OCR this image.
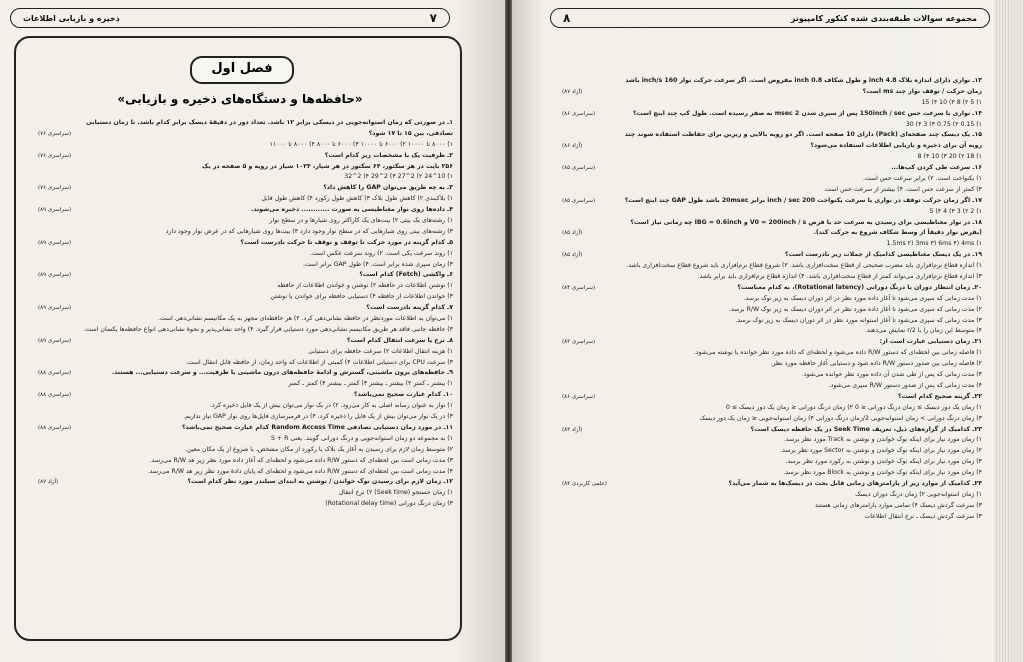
۷
ذخیره و بازیابی اطلاعات
فصل اول
«حافظه‌ها و دستگاه‌های ذخیره و بازیابی»
۱ـ در صورتی که زمان استوانه‌جویی در دیسکی برابر ۱۲ باشد. تعداد دور در دقیقهٔ دیسک برابر کدام باشد. تا زمان دستیابی
تصادفی، بین ۱۵ تا ۱۷ شود؟
(سراسری ۷۶)
۱) ۸۰۰۰ تا ۱۰۰۰۰ ۲) ۶۰۰۰ تا ۱۰۰۰۰ ۳) ۶۰۰۰ تا ۸۰۰۰ ۴) ۸۰۰۰ تا ۱۱۰۰۰
۲ـ ظرفیت یک با مشخصات زیر کدام است؟
(سراسری ۷۶)
۲۵۶ بایت در هر سکتور، ۶۴ سکتور در هر شیار، ۱۰۲۴ شیار در رویه و ۵ صفحه در یک
۱) 10^24 ۲) 2^27 ۳) 2^29 ۴) 2^32
۳ـ به چه طریق می‌توان GAP را کاهش داد؟
(سراسری ۷۶)
۱) بلاکبندی ۲) کاهش طول بلاک ۳) کاهش طول رکورد ۴) کاهش طول فایل
۴ـ داده‌ها روی نوار مغناطیسی به صورت ............ ذخیره می‌شوند.
(سراسری ۸۹)
۱) رشته‌های یک بیتی ۲) بیت‌های یک کاراکتر روی شیارها و در سطح نوار
۳) رشته‌های بیتی روی شیارهایی که در سطح نوار وجود دارد ۴) بیت‌ها روی شیارهایی که در عرض نوار وجود دارد
۵ـ کدام گزینه در مورد حرکت تا توقف و توقف تا حرکت نادرست است؟
(سراسری ۸۹)
۱) روند سرعت یکی است. ۲) روند سرعت عکس است.
۳) زمان سپری شده برابر است. ۴) طول GAP برابر است.
۶ـ واکشی (Fetch) کدام است؟
(سراسری ۸۹)
۱) نوشتن اطلاعات در حافظه ۲) نوشتن و خواندن اطلاعات از حافظه
۳) خواندن اطلاعات از حافظه ۴) دستیابی حافظه برای خواندن یا نوشتن
۷ـ کدام گزینه نادرست است؟
(سراسری ۸۹)
۱) می‌توان به اطلاعات موردنظر در حافظه نشانی‌دهی کرد. ۲) هر حافظه‌ای مجهز به یک مکانیسم نشانی‌دهی است.
۳) حافظه جانبی فاقد هر طریق مکانیسم نشانی‌دهی مورد دستیابی قرار گیرد. ۴) واحد نشانی‌پذیر و نحوهٔ نشانی‌دهی انواع حافظه‌ها یکسان است.
۸ـ نرخ یا سرعت انتقال کدام است؟
(سراسری ۸۹)
۱) هزینه انتقال اطلاعات ۲) سرعت حافظه برای دستیابی
۳) سرعت CPU برای دستیابی اطلاعات ۴) کمیتی از اطلاعات که واحد زمان، از حافظه قابل انتقال است.
۹ـ حافظه‌های برون ماشینی، گسترش و ادامهٔ حافظه‌های درون ماشینی با ظرفیت... و سرعت دستیابی... هستند.
(سراسری ۸۸)
۱) بیشتر ـ کمتر ۲) بیشتر ـ بیشتر ۳) کمتر ـ بیشتر ۴) کمتر ـ کمتر
۱۰ـ کدام عبارت صحیح نمی‌باشد؟
(سراسری ۸۸)
۱) نوار به عنوان رسانه اصلی به کار می‌رود. ۲) در یک نوار می‌توان بیش از یک فایل ذخیره کرد.
۳) در یک نوار می‌توان بیش از یک فایل را ذخیره کرد. ۴) در فرمیرسازی فایل‌ها روی نوار GAP نیاز نداریم.
۱۱ـ در مورد زمان دستیابی تصادفی Random Access Time کدام عبارت صحیح نمی‌باشد؟
(سراسری ۸۸)
۱) به مجموعه دو زمان استوانه‌جویی و درنگ دورانی گویند. یعنی S + R
۲) متوسط زمان لازم برای رسیدن به آغاز یک بلاک یا رکورد از مکان مشخص، با شروع از یک مکان معین.
۳) مدت زمانی است بین لحظه‌ای که دستور R/W داده می‌شود و لحظه‌ای که آغاز داده مورد نظر زیر هد R/W می‌رسد.
۴) مدت زمانی است بین لحظه‌ای که دستور R/W داده می‌شود و لحظه‌ای که پایان دادهٔ مورد نظر زیر هد R/W می‌رسد.
۱۲ـ زمان لازم برای رسیدن نوک خواندن / نوشتن به ابتدای سیلندر مورد نظر کدام است؟
(آزاد ۸۷)
۱) زمان جستجو (Seek time) ۲) نرخ انتقال
۳) زمان درنگ دورانی (Rotational delay time)
مجموعه سوالات طبقه‌بندی شده کنکور کامپیوتر
۸
۱۳ـ نواری دارای اندازه بلاک 4.8 inch و طول شکاف 0.8 inch مفروض است. اگر سرعت حرکت نوار 160 inch/s باشد
زمان حرکت / توقف نوار چند ms است؟
(آزاد ۸۷)
۱) 5 ۲) 8 ۳) 10 ۴) 15
۱۴ـ نواری با سرعت حس 150inch / sec پس از سپری شدن 2 msec به صفر رسیده است. طول کپ چند اینچ است؟
(سراسری ۸۶)
۱) 0.15 ۲) 0.75 ۳) 3 ۴) 30
۱۵ـ یک دیسک چند صفحه‌ای (Pack) دارای 10 صفحه است. اگر دو رویه بالایی و زیرین برای حفاظت استفاده شوند چند
رویه آن برای ذخیره و بازیابی اطلاعات استفاده می‌شود؟
(آزاد ۸۶)
۱) 18 ۲) 20 ۳) 10 ۴) 8
۱۶ـ سرعت طی کردن کپ‌ها...
(سراسری ۸۵)
۱) یکنواخت است. ۲) برابر سرعت حس است.
۳) کمتر از سرعت حس است. ۴) بیشتر از سرعت حس است.
۱۷ـ اگر زمان حرکت توقف در نواری با سرعت یکنواخت 200 inch / sec برابر 20msec باشد طول GAP چند اینچ است؟
(سراسری ۸۵)
۱) 2 ۲) 3 ۳) 4 ۴) 5
۱۸ـ در نوار مغناطیسی برای رسیدن به سرعت حد با فرض V0 = 200inch / s و IBG = 0.6inch چه زمانی نیاز است؟
(بفرض نوار دقیقاً از وسط شکاف شروع به حرکت کند).
(آزاد ۸۵)
۱) 1.5ms ۲) 3ms ۳) 6ms ۴) 4ms
۱۹ـ در یک دیسک مغناطیسی کدامیک از جملات زیر نادرست است؟
(آزاد ۸۵)
۱) اندازه قطاع نرم‌افزاری باید مضرب صحیحی از قطاع سخت‌افزاری باشد. ۲) شروع قطاع نرم‌افزاری باید شروع قطاع سخت‌افزاری باشد.
۳) اندازه قطاع نرم‌افزاری می‌تواند کمتر از قطاع سخت‌افزاری باشد. ۴) اندازه قطاع نرم‌افزاری باید برابر باشد.
۲۰ـ زمان انتظار دوران یا درنگ دورانی (Rotational latency)، به کدام معناست؟
(سراسری ۸۴)
۱) مدت زمانی که سپری می‌شود تا آغاز داده مورد نظر در اثر دوران دیسک به زیر نوک برسد.
۲) مدت زمانی که سپری می‌شود تا آغاز داده مورد نظر در اثر دوران دیسک به زیر نوک R/W برسد.
۳) مدت زمانی که سپری می‌شود تا آغاز استوانه مورد نظر در اثر دوران دیسک به زیر نوک برسد.
۴) متوسط این زمان را با r/2 نمایش می‌دهند.
۲۱ـ زمان دستیابی عبارت است از:
(سراسری ۸۴)
۱) فاصله زمانی بین لحظه‌ای که دستور R/W داده می‌شود و لحظه‌ای که داده مورد نظر خوانده یا نوشته می‌شود.
۲) فاصله زمانی بین صدور دستور R/W داده شود و دستیابی آغاز حافظه مورد نظر.
۳) مدت زمانی که پس از طی شدن آن داده مورد نظر خوانده می‌شود.
۴) مدت زمانی که پس از صدور دستور R/W سپری می‌شود.
۲۲ـ گزینه صحیح کدام است؟
(سراسری ۸۶)
۱) زمان یک دور دیسک ≥ زمان درنگ دورانی ≤ 0 ۲) زمان درنگ دورانی ≤ زمان یک دور دیسک ≥ 0
۳) زمان درنگ دورانی > زمان استوانه‌جویی 2/زمان درنگ دورانی ۴) زمان استوانه‌جویی ≤ زمان یک دور دیسک
۲۳ـ کدامیک از گزاره‌های ذیل، تعریف Seek Time در یک حافظه دیسک است؟
(آزاد ۸۴)
۱) زمان مورد نیاز برای اینکه نوک خواندن و نوشتن به Track مورد نظر برسد.
۲) زمان مورد نیاز برای اینکه نوک خواندن و نوشتن به Sector مورد نظر برسد.
۳) زمان مورد نیاز برای اینکه نوک خواندن و نوشتن به رکورد مورد نظر برسد.
۴) زمان مورد نیاز برای اینکه نوک خواندن و نوشتن به Block مورد نظر برسد.
۲۴ـ کدامیک از موارد زیر از پارامترهای زمانی قابل بحث در دیسک‌ها به شمار می‌آید؟
(علمی کاربردی ۸۴)
۱) زمان استوانه‌جویی ۲) زمان درنگ دوران دیسک
۳) سرعت گردش دیسک ۴) تمامی موارد پارامترهای زمانی هستند
۳) سرعت گردش دیسک ـ نرخ انتقال اطلاعات
